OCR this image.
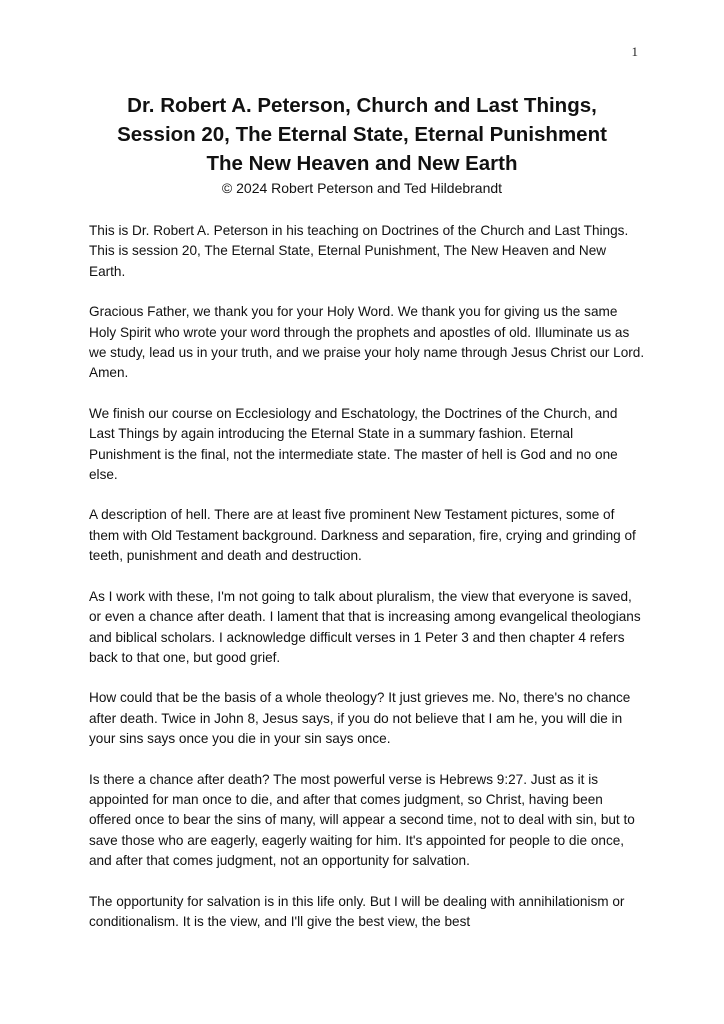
1
Dr. Robert A. Peterson, Church and Last Things,
Session 20, The Eternal State, Eternal Punishment
The New Heaven and New Earth
© 2024 Robert Peterson and Ted Hildebrandt

This is Dr. Robert A. Peterson in his teaching on Doctrines of the Church and Last Things. This is session 20, The Eternal State, Eternal Punishment, The New Heaven and New Earth.

Gracious Father, we thank you for your Holy Word. We thank you for giving us the same Holy Spirit who wrote your word through the prophets and apostles of old. Illuminate us as we study, lead us in your truth, and we praise your holy name through Jesus Christ our Lord. Amen.

We finish our course on Ecclesiology and Eschatology, the Doctrines of the Church, and Last Things by again introducing the Eternal State in a summary fashion. Eternal Punishment is the final, not the intermediate state. The master of hell is God and no one else.

A description of hell. There are at least five prominent New Testament pictures, some of them with Old Testament background. Darkness and separation, fire, crying and grinding of teeth, punishment and death and destruction.

As I work with these, I'm not going to talk about pluralism, the view that everyone is saved, or even a chance after death. I lament that that is increasing among evangelical theologians and biblical scholars. I acknowledge difficult verses in 1 Peter 3 and then chapter 4 refers back to that one, but good grief.

How could that be the basis of a whole theology? It just grieves me. No, there's no chance after death. Twice in John 8, Jesus says, if you do not believe that I am he, you will die in your sins says once you die in your sin says once.

Is there a chance after death? The most powerful verse is Hebrews 9:27. Just as it is appointed for man once to die, and after that comes judgment, so Christ, having been offered once to bear the sins of many, will appear a second time, not to deal with sin, but to save those who are eagerly, eagerly waiting for him. It's appointed for people to die once, and after that comes judgment, not an opportunity for salvation.

The opportunity for salvation is in this life only. But I will be dealing with annihilationism or conditionalism. It is the view, and I'll give the best view, the best
